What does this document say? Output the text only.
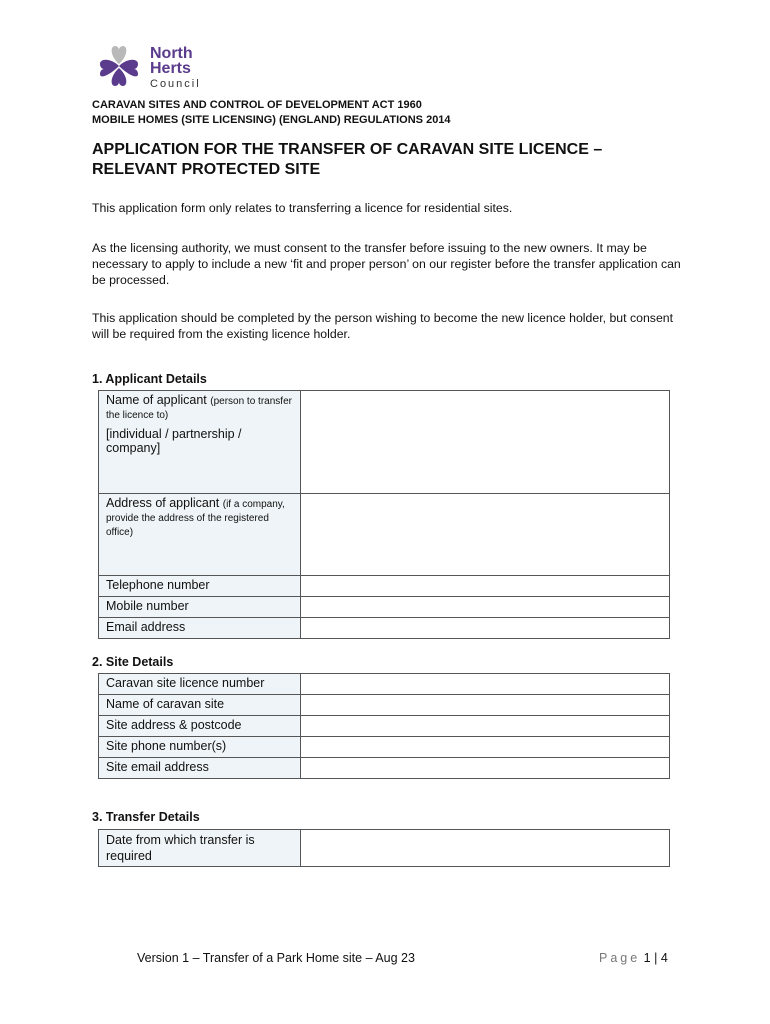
North
Herts
Council
CARAVAN SITES AND CONTROL OF DEVELOPMENT ACT 1960
MOBILE HOMES (SITE LICENSING) (ENGLAND) REGULATIONS 2014
APPLICATION FOR THE TRANSFER OF CARAVAN SITE LICENCE –
RELEVANT PROTECTED SITE
This application form only relates to transferring a licence for residential sites.
As the licensing authority, we must consent to the transfer before issuing to the new owners. It may be necessary to apply to include a new ‘fit and proper person’ on our register before the transfer application can be processed.
This application should be completed by the person wishing to become the new licence holder, but consent will be required from the existing licence holder.
1. Applicant Details
Name of applicant (person to transfer the licence to)
[individual / partnership / company]	

Address of applicant (if a company, provide the address of the registered office)	
Telephone number	
Mobile number	
Email address	
2. Site Details
Caravan site licence number	
Name of caravan site	
Site address & postcode	
Site phone number(s)	
Site email address	
3. Transfer Details
Date from which transfer is required	
Version 1 – Transfer of a Park Home site – Aug 23	Page 1 | 4
